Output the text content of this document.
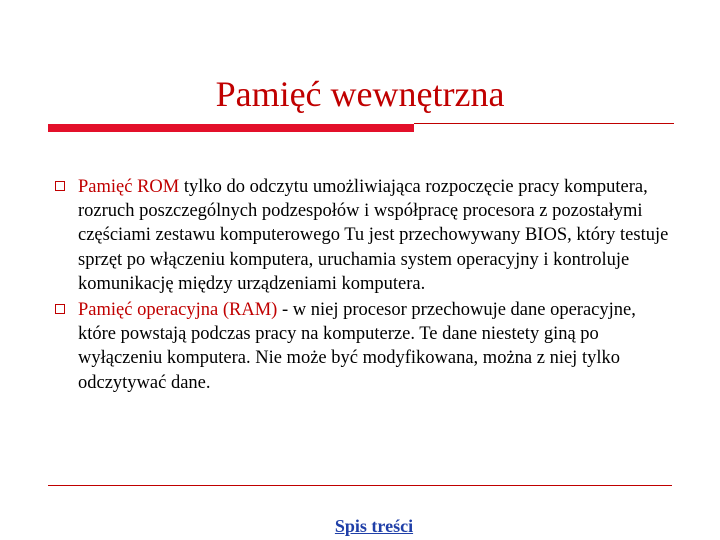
Pamięć wewnętrzna

Pamięć ROM tylko do odczytu umożliwiająca rozpoczęcie pracy komputera, rozruch poszczególnych podzespołów i współpracę procesora z pozostałymi częściami zestawu komputerowego Tu jest przechowywany BIOS, który testuje sprzęt po włączeniu komputera, uruchamia system operacyjny i kontroluje komunikację między urządzeniami komputera.

Pamięć operacyjna (RAM) - w niej procesor przechowuje dane operacyjne, które powstają podczas pracy na komputerze. Te dane niestety giną po wyłączeniu komputera. Nie może być modyfikowana, można z niej tylko odczytywać dane.

Spis treści
